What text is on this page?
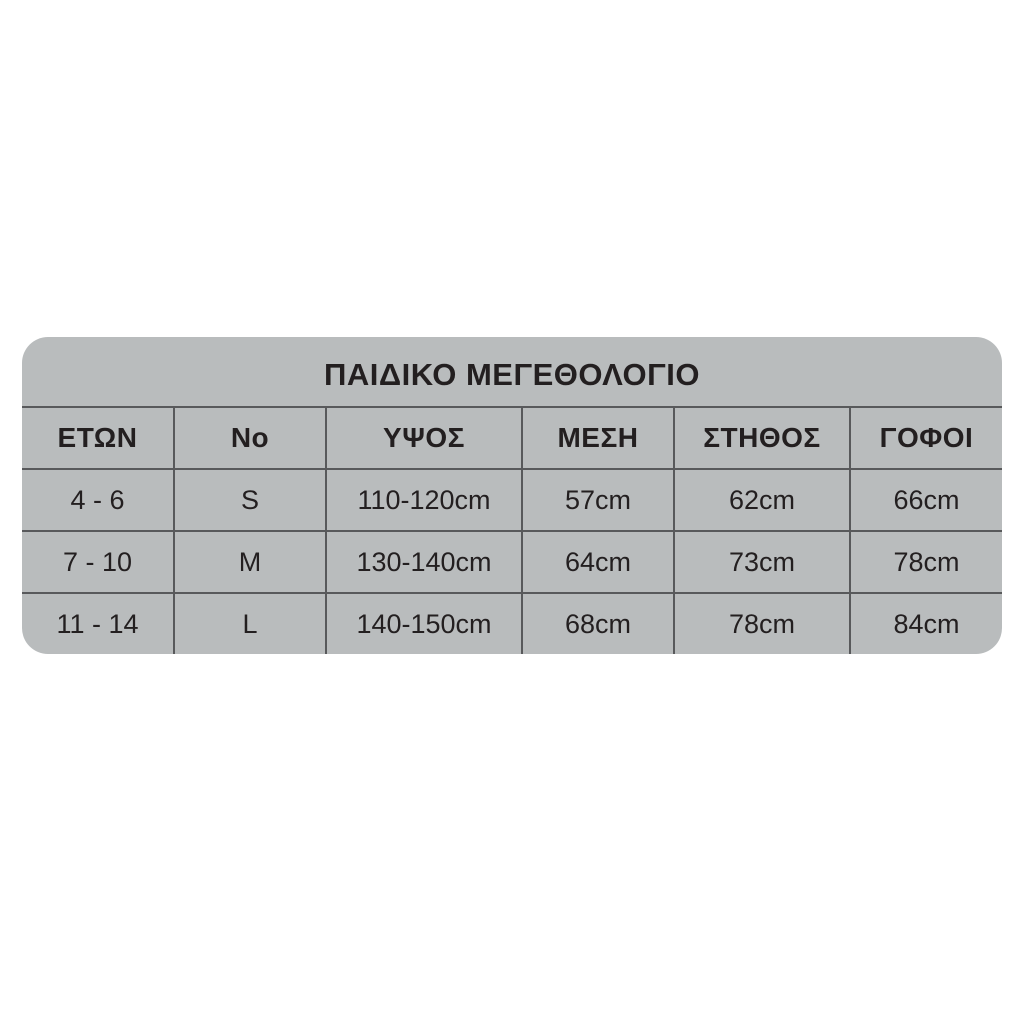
ΠΑΙΔΙΚΟ ΜΕΓΕΘΟΛΟΓΙΟ
ΕΤΩΝ	No	ΥΨΟΣ	ΜΕΣΗ	ΣΤΗΘΟΣ	ΓΟΦΟΙ
4 - 6	S	110-120cm	57cm	62cm	66cm
7 - 10	M	130-140cm	64cm	73cm	78cm
11 - 14	L	140-150cm	68cm	78cm	84cm
